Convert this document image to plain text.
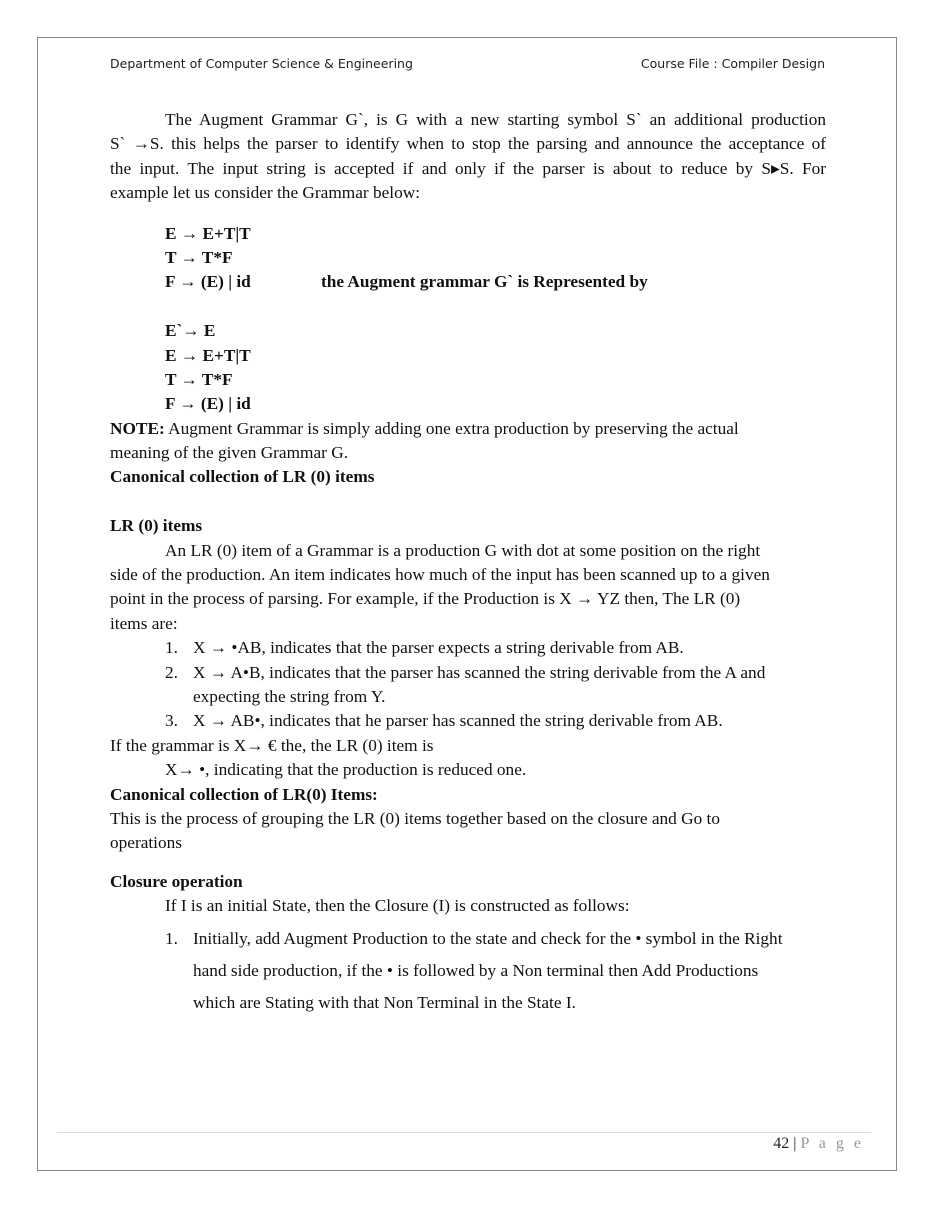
Department of Computer Science & Engineering	Course File : Compiler Design
The Augment Grammar G`, is G with a new starting symbol S` an additional production
S` →S. this helps the parser to identify when to stop the parsing and announce the acceptance of
the input. The input string is accepted if and only if the parser is about to reduce by S▸S. For
example let us consider the Grammar below:
E → E+T|T
T → T*F
F → (E) | id	the Augment grammar G` is Represented by
E`→ E
E → E+T|T
T → T*F
F → (E) | id
NOTE: Augment Grammar is simply adding one extra production by preserving the actual
meaning of the given Grammar G.
Canonical collection of LR (0) items
LR (0) items
An LR (0) item of a Grammar is a production G with dot at some position on the right
side of the production. An item indicates how much of the input has been scanned up to a given
point in the process of parsing. For example, if the Production is X → YZ then, The LR (0)
items are:
1. X → •AB, indicates that the parser expects a string derivable from AB.
2. X → A•B, indicates that the parser has scanned the string derivable from the A and
expecting the string from Y.
3. X → AB•, indicates that he parser has scanned the string derivable from AB.
If the grammar is X→ € the, the LR (0) item is
X→ •, indicating that the production is reduced one.
Canonical collection of LR(0) Items:
This is the process of grouping the LR (0) items together based on the closure and Go to
operations
Closure operation
If I is an initial State, then the Closure (I) is constructed as follows:
1. Initially, add Augment Production to the state and check for the • symbol in the Right
hand side production, if the • is followed by a Non terminal then Add Productions
which are Stating with that Non Terminal in the State I.
42 | P a g e
